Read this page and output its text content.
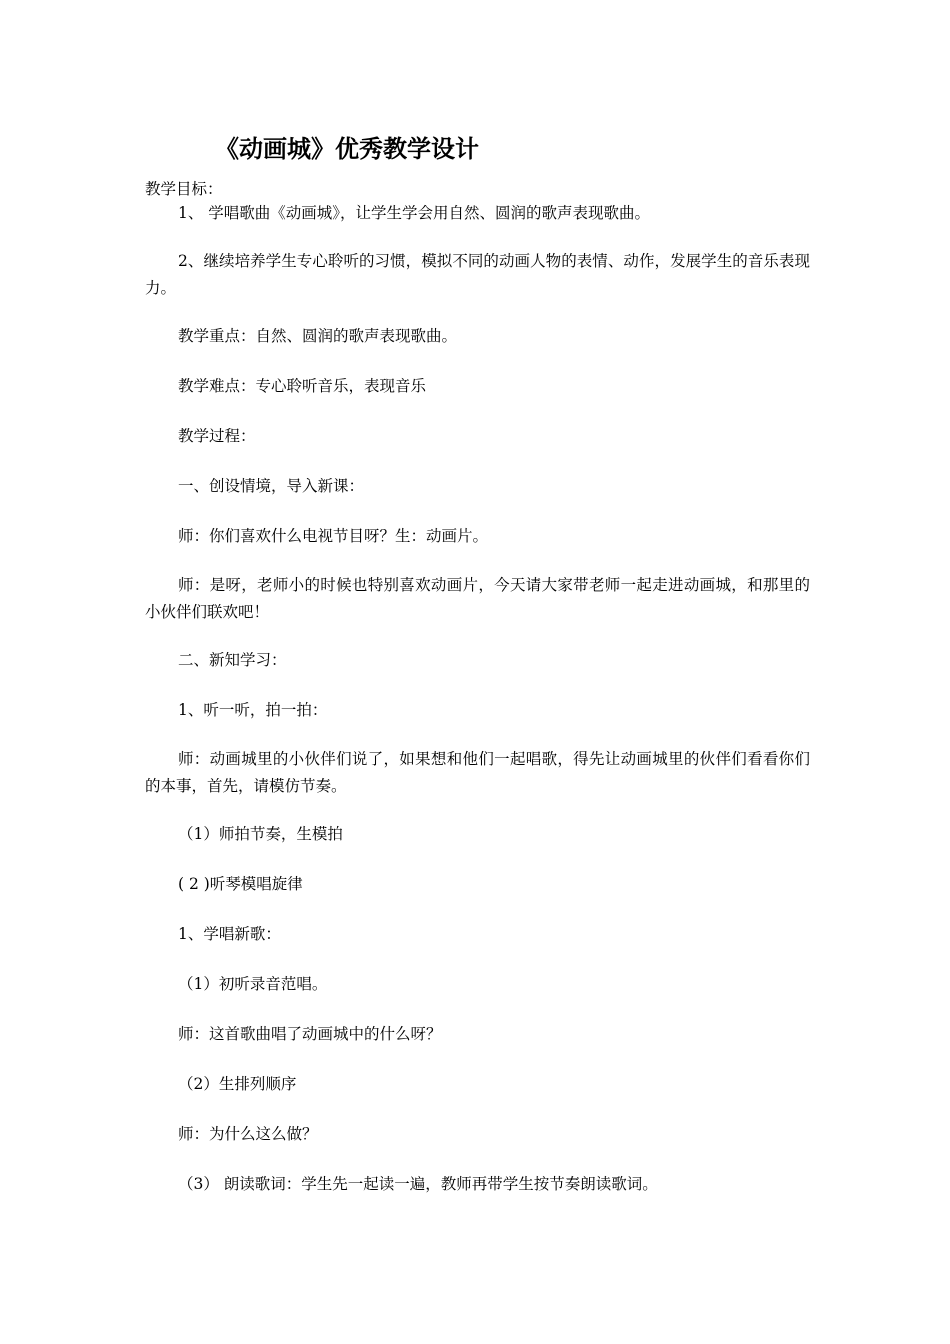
《动画城》优秀教学设计
教学目标：
1、 学唱歌曲《动画城》，让学生学会用自然、圆润的歌声表现歌曲。
2、继续培养学生专心聆听的习惯，模拟不同的动画人物的表情、动作，发展学生的音乐表现力。
教学重点：自然、圆润的歌声表现歌曲。
教学难点：专心聆听音乐，表现音乐
教学过程：
一、创设情境，导入新课：
师：你们喜欢什么电视节目呀？生：动画片。
师：是呀，老师小的时候也特别喜欢动画片，今天请大家带老师一起走进动画城，和那里的小伙伴们联欢吧！
二、新知学习：
1、听一听，拍一拍：
师：动画城里的小伙伴们说了，如果想和他们一起唱歌，得先让动画城里的伙伴们看看你们的本事，首先，请模仿节奏。
（1）师拍节奏，生模拍
( 2 )听琴模唱旋律
1、学唱新歌：
（1）初听录音范唱。
师：这首歌曲唱了动画城中的什么呀？
（2）生排列顺序
师：为什么这么做？
（3） 朗读歌词：学生先一起读一遍，教师再带学生按节奏朗读歌词。
